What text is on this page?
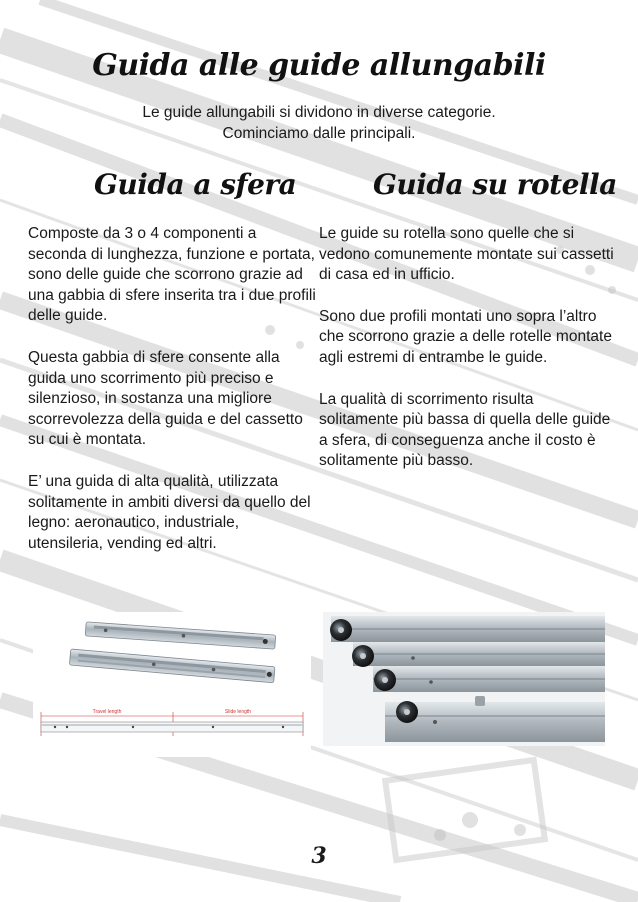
Guida alle guide allungabili
Le guide allungabili si dividono in diverse categorie.
Cominciamo dalle principali.
Guida a sfera	Guida su rotella

Composte da 3 o 4 componenti a seconda di lunghezza, funzione e portata, sono delle guide che scorrono grazie ad una gabbia di sfere inserita tra i due profili delle guide.

Questa gabbia di sfere consente alla guida uno scorrimento più preciso e silenzioso, in sostanza una migliore scorrevolezza della guida e del cassetto su cui è montata.

E’ una guida di alta qualità, utilizzata solitamente in ambiti diversi da quello del legno: aeronautico, industriale, utensileria, vending ed altri.

Le guide su rotella sono quelle che si vedono comunemente montate sui cassetti di casa ed in ufficio.

Sono due profili montati uno sopra l’altro che scorrono grazie a delle rotelle montate agli estremi di entrambe le guide.

La qualità di scorrimento risulta solitamente più bassa di quella delle guide a sfera, di conseguenza anche il costo è solitamente più basso.

Travel length	Slide length
3
